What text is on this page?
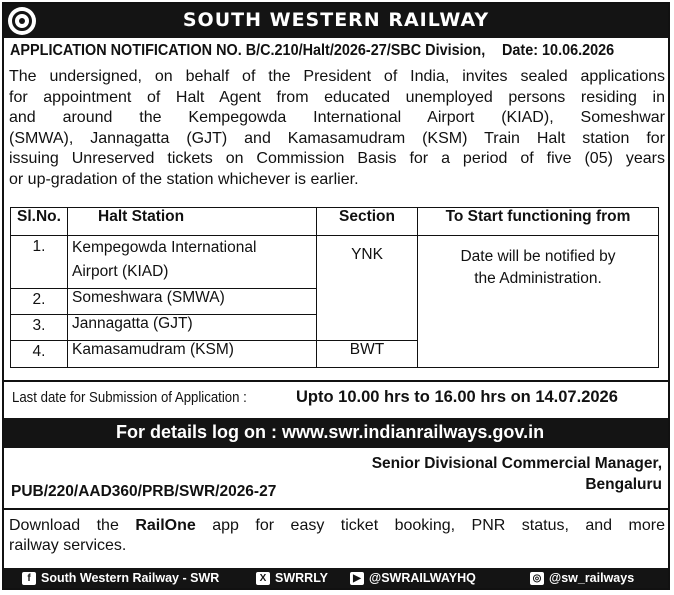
SOUTH WESTERN RAILWAY
APPLICATION NOTIFICATION NO. B/C.210/Halt/2026-27/SBC Division, Date: 10.06.2026
The undersigned, on behalf of the President of India, invites sealed applications
for appointment of Halt Agent from educated unemployed persons residing in
and around the Kempegowda International Airport (KIAD), Someshwar
(SMWA), Jannagatta (GJT) and Kamasamudram (KSM) Train Halt station for
issuing Unreserved tickets on Commission Basis for a period of five (05) years
or up-gradation of the station whichever is earlier.
Sl.No.	Halt Station	Section	To Start functioning from
1.	Kempegowda International
Airport (KIAD)	YNK	Date will be notified by
the Administration.
2.	Someshwara (SMWA)		
3.	Jannagatta (GJT)		
4.	Kamasamudram (KSM)	BWT	
Last date for Submission of Application :	Upto 10.00 hrs to 16.00 hrs on 14.07.2026
For details log on : www.swr.indianrailways.gov.in
Senior Divisional Commercial Manager,
Bengaluru
PUB/220/AAD360/PRB/SWR/2026-27
Download the RailOne app for easy ticket booking, PNR status, and more
railway services.
f South Western Railway - SWR	X SWRRLY	▶ @SWRAILWAYHQ	◎ @sw_railways
